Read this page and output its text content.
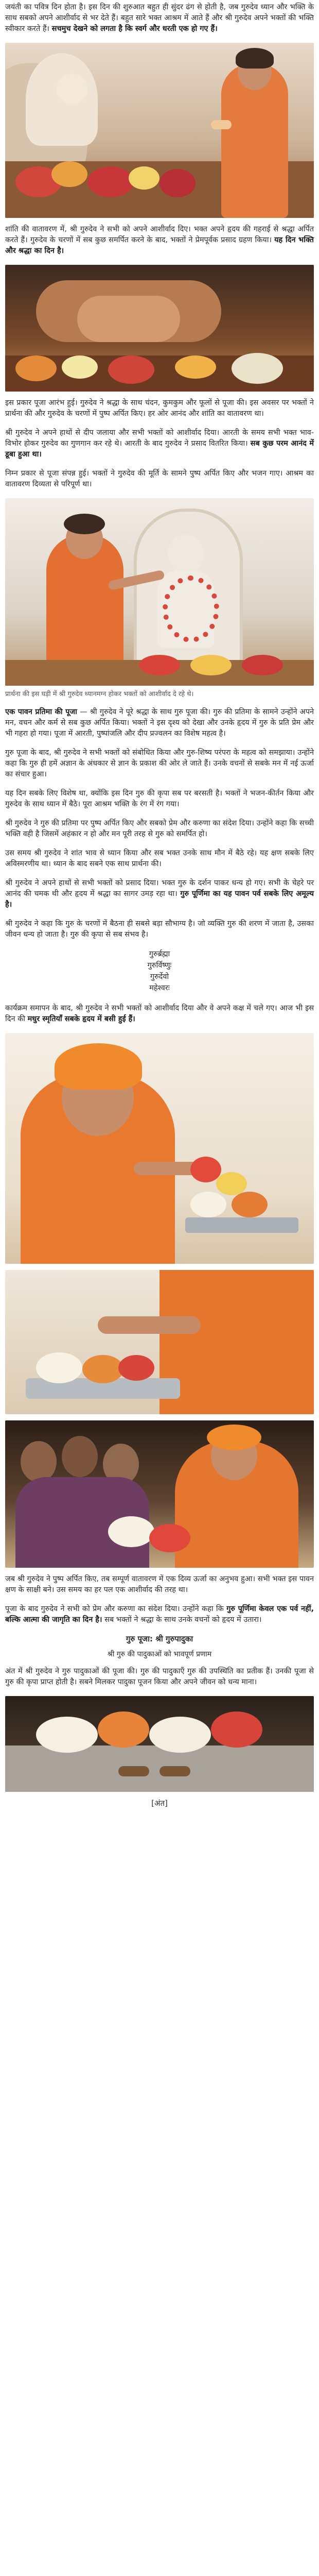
जयंती का पवित्र दिन होता है। इस दिन की शुरुआत बहुत ही सुंदर ढंग से होती है, जब गुरुदेव ध्यान और भक्ति के साथ सबको अपने आशीर्वाद से भर देते हैं। बहुत सारे भक्त आश्रम में आते हैं और श्री गुरुदेव अपने भक्तों की भक्ति स्वीकार करते हैं। सचमुच देखने को लगता है कि स्वर्ग और धरती एक हो गए हैं।

शांति की वातावरण में, श्री गुरुदेव ने सभी को अपने आशीर्वाद दिए। भक्त अपने हृदय की गहराई से श्रद्धा अर्पित करते हैं। गुरुदेव के चरणों में सब कुछ समर्पित करने के बाद, भक्तों ने प्रेमपूर्वक प्रसाद ग्रहण किया। यह दिन भक्ति और श्रद्धा का दिन है।

इस प्रकार पूजा आरंभ हुई। गुरुदेव ने श्रद्धा के साथ चंदन, कुमकुम और फूलों से पूजा की। इस अवसर पर भक्तों ने प्रार्थना की और गुरुदेव के चरणों में पुष्प अर्पित किए। हर ओर आनंद और शांति का वातावरण था।

श्री गुरुदेव ने अपने हाथों से दीप जलाया और सभी भक्तों को आशीर्वाद दिया। आरती के समय सभी भक्त भाव-विभोर होकर गुरुदेव का गुणगान कर रहे थे। आरती के बाद गुरुदेव ने प्रसाद वितरित किया। सब कुछ परम आनंद में डूबा हुआ था।

निम्न प्रकार से पूजा संपन्न हुई। भक्तों ने गुरुदेव की मूर्ति के सामने पुष्प अर्पित किए और भजन गाए। आश्रम का वातावरण दिव्यता से परिपूर्ण था।

प्रार्थना की इस घड़ी में श्री गुरुदेव ध्यानमग्न होकर भक्तों को आशीर्वाद दे रहे थे।

एक पावन प्रतिमा की पूजा — श्री गुरुदेव ने पूरे श्रद्धा के साथ गुरु पूजा की। गुरु की प्रतिमा के सामने उन्होंने अपने मन, वचन और कर्म से सब कुछ अर्पित किया। भक्तों ने इस दृश्य को देखा और उनके हृदय में गुरु के प्रति प्रेम और भी गहरा हो गया। पूजा में आरती, पुष्पांजलि और दीप प्रज्वलन का विशेष महत्व है।

गुरु पूजा के बाद, श्री गुरुदेव ने सभी भक्तों को संबोधित किया और गुरु-शिष्य परंपरा के महत्व को समझाया। उन्होंने कहा कि गुरु ही हमें अज्ञान के अंधकार से ज्ञान के प्रकाश की ओर ले जाते हैं। उनके वचनों से सबके मन में नई ऊर्जा का संचार हुआ।

यह दिन सबके लिए विशेष था, क्योंकि इस दिन गुरु की कृपा सब पर बरसती है। भक्तों ने भजन-कीर्तन किया और गुरुदेव के साथ ध्यान में बैठे। पूरा आश्रम भक्ति के रंग में रंग गया।

श्री गुरुदेव ने गुरु की प्रतिमा पर पुष्प अर्पित किए और सबको प्रेम और करुणा का संदेश दिया। उन्होंने कहा कि सच्ची भक्ति वही है जिसमें अहंकार न हो और मन पूरी तरह से गुरु को समर्पित हो।

उस समय श्री गुरुदेव ने शांत भाव से ध्यान किया और सब भक्त उनके साथ मौन में बैठे रहे। यह क्षण सबके लिए अविस्मरणीय था। ध्यान के बाद सबने एक साथ प्रार्थना की।

श्री गुरुदेव ने अपने हाथों से सभी भक्तों को प्रसाद दिया। भक्त गुरु के दर्शन पाकर धन्य हो गए। सभी के चेहरे पर आनंद की चमक थी और हृदय में श्रद्धा का सागर उमड़ रहा था। गुरु पूर्णिमा का यह पावन पर्व सबके लिए अमूल्य है।

श्री गुरुदेव ने कहा कि गुरु के चरणों में बैठना ही सबसे बड़ा सौभाग्य है। जो व्यक्ति गुरु की शरण में जाता है, उसका जीवन धन्य हो जाता है। गुरु की कृपा से सब संभव है।

गुरुर्ब्रह्मा
गुरुर्विष्णुः
गुरुर्देवो
महेश्वरः

कार्यक्रम समापन के बाद, श्री गुरुदेव ने सभी भक्तों को आशीर्वाद दिया और वे अपने कक्ष में चले गए। आज भी इस दिन की मधुर स्मृतियाँ सबके हृदय में बसी हुई हैं।

जब श्री गुरुदेव ने पुष्प अर्पित किए, तब सम्पूर्ण वातावरण में एक दिव्य ऊर्जा का अनुभव हुआ। सभी भक्त इस पावन क्षण के साक्षी बने। उस समय का हर पल एक आशीर्वाद की तरह था।

पूजा के बाद गुरुदेव ने सभी को प्रेम और करुणा का संदेश दिया। उन्होंने कहा कि गुरु पूर्णिमा केवल एक पर्व नहीं, बल्कि आत्मा की जागृति का दिन है। सब भक्तों ने श्रद्धा के साथ उनके वचनों को हृदय में उतारा।

गुरु पूजा: श्री गुरुपादुका
श्री गुरु की पादुकाओं को भावपूर्ण प्रणाम

अंत में श्री गुरुदेव ने गुरु पादुकाओं की पूजा की। गुरु की पादुकाएँ गुरु की उपस्थिति का प्रतीक हैं। उनकी पूजा से गुरु की कृपा प्राप्त होती है। सबने मिलकर पादुका पूजन किया और अपने जीवन को धन्य माना।

[अंत]
